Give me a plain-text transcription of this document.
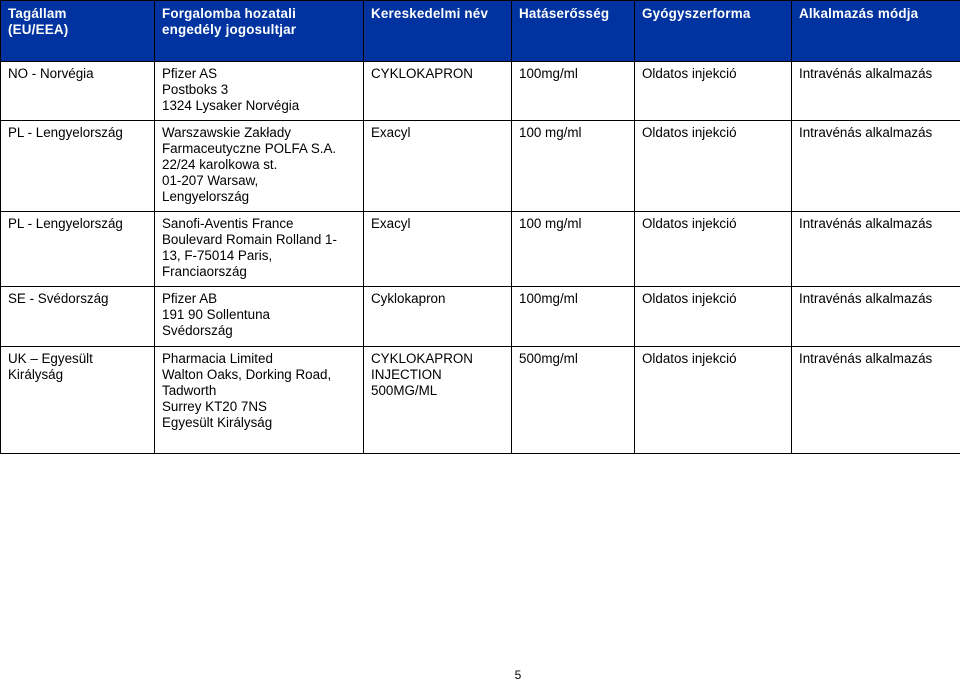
Tagállam
(EU/EEA)	Forgalomba hozatali
engedély jogosultjar	Kereskedelmi név	Hatáserősség	Gyógyszerforma	Alkalmazás módja

NO - Norvégia	Pfizer AS
Postboks 3
1324 Lysaker Norvégia	CYKLOKAPRON	100mg/ml	Oldatos injekció	Intravénás alkalmazás

PL - Lengyelország	Warszawskie Zakłady
Farmaceutyczne POLFA S.A.
22/24 karolkowa st.
01-207 Warsaw,
Lengyelország	Exacyl	100 mg/ml	Oldatos injekció	Intravénás alkalmazás

PL - Lengyelország	Sanofi-Aventis France
Boulevard Romain Rolland 1-
13, F-75014 Paris,
Franciaország	Exacyl	100 mg/ml	Oldatos injekció	Intravénás alkalmazás

SE - Svédország	Pfizer AB
191 90 Sollentuna
Svédország	Cyklokapron	100mg/ml	Oldatos injekció	Intravénás alkalmazás

UK – Egyesült
Királyság	Pharmacia Limited
Walton Oaks, Dorking Road,
Tadworth
Surrey KT20 7NS
Egyesült Királyság	CYKLOKAPRON
INJECTION
500MG/ML	500mg/ml	Oldatos injekció	Intravénás alkalmazás
5
